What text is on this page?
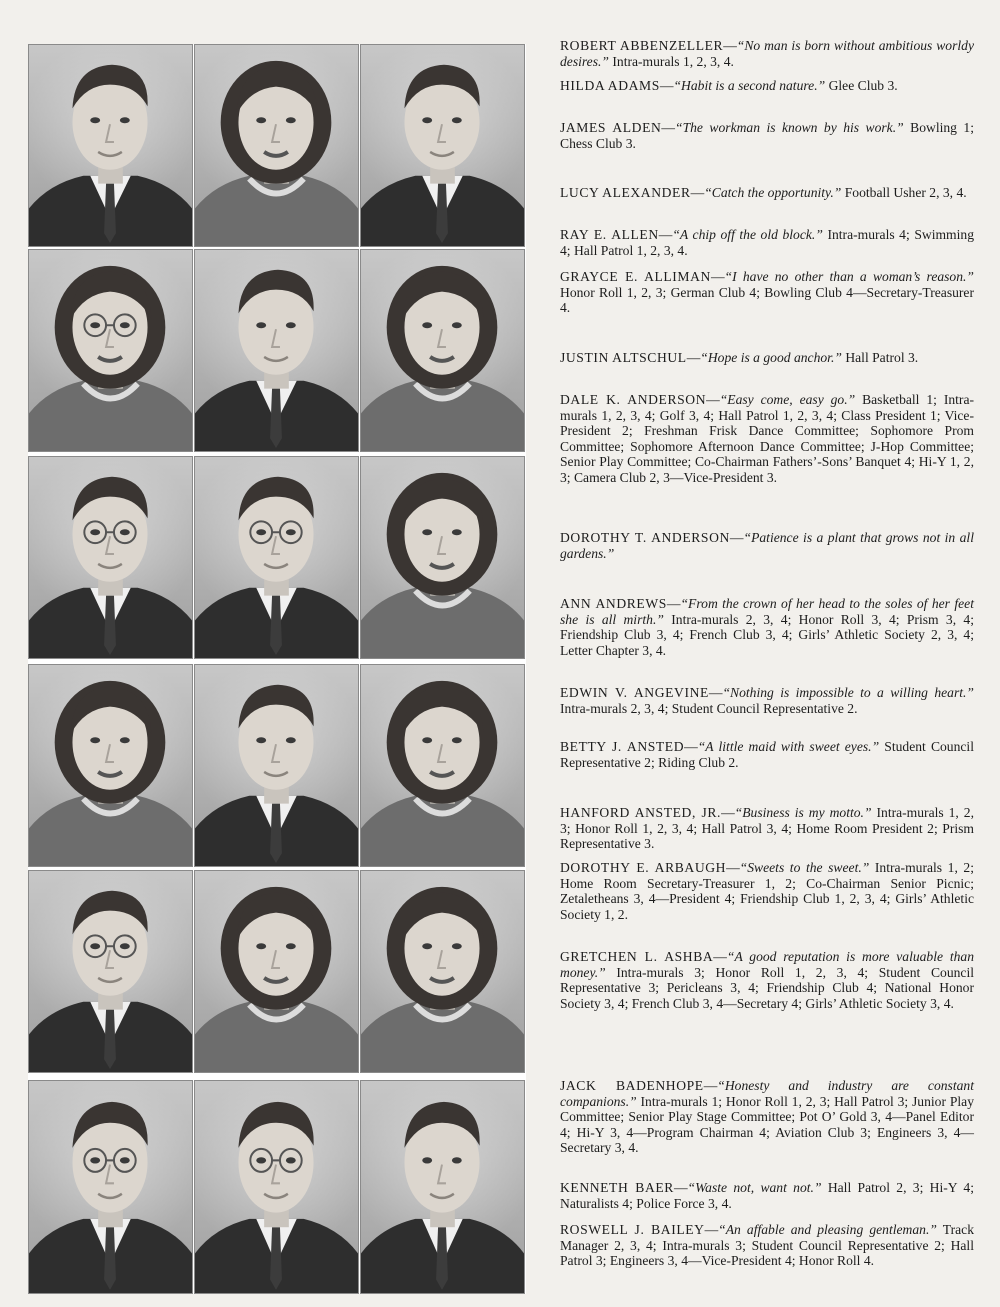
ROBERT ABBENZELLER—“No man is born without ambitious worldy desires.” Intra-murals 1, 2, 3, 4.

HILDA ADAMS—“Habit is a second nature.” Glee Club 3.

JAMES ALDEN—“The workman is known by his work.” Bowling 1; Chess Club 3.

LUCY ALEXANDER—“Catch the opportunity.” Football Usher 2, 3, 4.

RAY E. ALLEN—“A chip off the old block.” Intra-murals 4; Swimming 4; Hall Patrol 1, 2, 3, 4.

GRAYCE E. ALLIMAN—“I have no other than a woman’s reason.” Honor Roll 1, 2, 3; German Club 4; Bowling Club 4—Secretary-Treasurer 4.

JUSTIN ALTSCHUL—“Hope is a good anchor.” Hall Patrol 3.

DALE K. ANDERSON—“Easy come, easy go.” Basketball 1; Intra-murals 1, 2, 3, 4; Golf 3, 4; Hall Patrol 1, 2, 3, 4; Class President 1; Vice-President 2; Freshman Frisk Dance Committee; Sophomore Prom Committee; Sophomore Afternoon Dance Committee; J-Hop Committee; Senior Play Committee; Co-Chairman Fathers’-Sons’ Banquet 4; Hi-Y 1, 2, 3; Camera Club 2, 3—Vice-President 3.

DOROTHY T. ANDERSON—“Patience is a plant that grows not in all gardens.”

ANN ANDREWS—“From the crown of her head to the soles of her feet she is all mirth.” Intra-murals 2, 3, 4; Honor Roll 3, 4; Prism 3, 4; Friendship Club 3, 4; French Club 3, 4; Girls’ Athletic Society 2, 3, 4; Letter Chapter 3, 4.

EDWIN V. ANGEVINE—“Nothing is impossible to a willing heart.” Intra-murals 2, 3, 4; Student Council Representative 2.

BETTY J. ANSTED—“A little maid with sweet eyes.” Student Council Representative 2; Riding Club 2.

HANFORD ANSTED, JR.—“Business is my motto.” Intra-murals 1, 2, 3; Honor Roll 1, 2, 3, 4; Hall Patrol 3, 4; Home Room President 2; Prism Representative 3.

DOROTHY E. ARBAUGH—“Sweets to the sweet.” Intra-murals 1, 2; Home Room Secretary-Treasurer 1, 2; Co-Chairman Senior Picnic; Zetaletheans 3, 4—President 4; Friendship Club 1, 2, 3, 4; Girls’ Athletic Society 1, 2.

GRETCHEN L. ASHBA—“A good reputation is more valuable than money.” Intra-murals 3; Honor Roll 1, 2, 3, 4; Student Council Representative 3; Pericleans 3, 4; Friendship Club 4; National Honor Society 3, 4; French Club 3, 4—Secretary 4; Girls’ Athletic Society 3, 4.

JACK BADENHOPE—“Honesty and industry are constant companions.” Intra-murals 1; Honor Roll 1, 2, 3; Hall Patrol 3; Junior Play Committee; Senior Play Stage Committee; Pot O’ Gold 3, 4—Panel Editor 4; Hi-Y 3, 4—Program Chairman 4; Aviation Club 3; Engineers 3, 4—Secretary 3, 4.

KENNETH BAER—“Waste not, want not.” Hall Patrol 2, 3; Hi-Y 4; Naturalists 4; Police Force 3, 4.

ROSWELL J. BAILEY—“An affable and pleasing gentleman.” Track Manager 2, 3, 4; Intra-murals 3; Student Council Representative 2; Hall Patrol 3; Engineers 3, 4—Vice-President 4; Honor Roll 4.
